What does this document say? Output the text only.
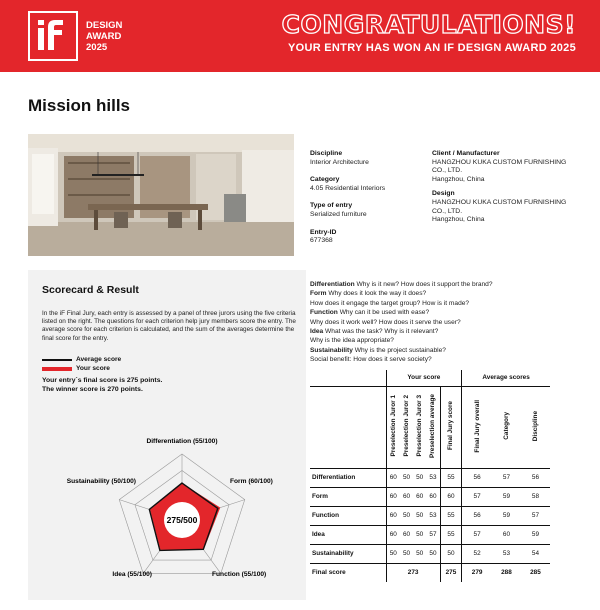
DESIGN
AWARD
2025
CONGRATULATIONS!
YOUR ENTRY HAS WON AN IF DESIGN AWARD 2025
Mission hills
Discipline
Interior Architecture
Category
4.05 Residential Interiors
Type of entry
Serialized furniture
Entry-ID
677368
Client / Manufacturer
HANGZHOU KUKA CUSTOM FURNISHING
CO., LTD.
Hangzhou, China
Design
HANGZHOU KUKA CUSTOM FURNISHING
CO., LTD.
Hangzhou, China
Scorecard & Result
In the iF Final Jury, each entry is assessed by a panel of three jurors using the five criteria listed on the right. The questions for each criterion help jury members score the entry. The average score for each criterion is calculated, and the sum of the averages determine the final score for the entry.
Average score
Your score
Your entry´s final score is 275 points.
The winner score is 270 points.
275/500
Differentiation (55/100)
Form (60/100)
Function (55/100)
Idea (55/100)
Sustainability (50/100)
Differentiation Why is it new? How does it support the brand?
Form Why does it look the way it does?
How does it engage the target group? How is it made?
Function Why can it be used with ease?
Why does it work well? How does it serve the user?
Idea What was the task? Why is it relevant?
Why is the idea appropriate?
Sustainability Why is the project sustainable?
Social benefit: How does it serve society?
	Your score					Average scores		
	Preselection Juror 1	Preselection Juror 2	Preselection Juror 3	Preselection average	Final Jury score	Final Jury overall	Category	Discipline
Differentiation	60	50	50	53	55	56	57	56
Form	60	60	60	60	60	57	59	58
Function	60	50	50	53	55	56	59	57
Idea	60	60	50	57	55	57	60	59
Sustainability	50	50	50	50	50	52	53	54
Final score	273				275	279	288	285
